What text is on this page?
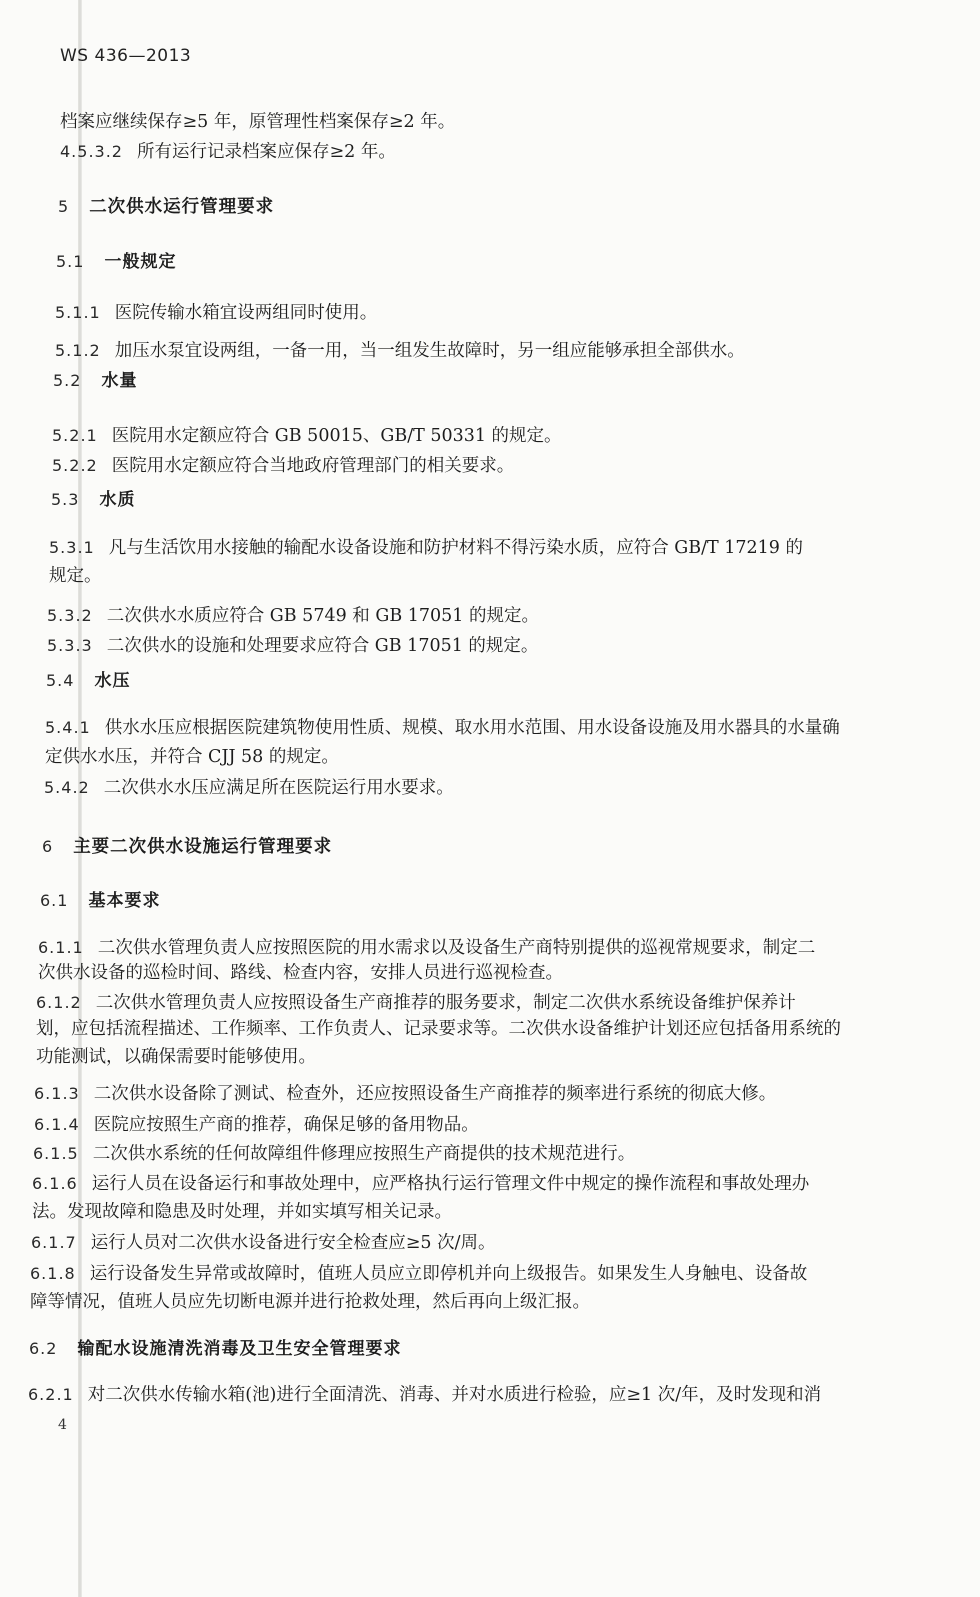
WS 436—2013
档案应继续保存≥5 年，原管理性档案保存≥2 年。
4.5.3.2 所有运行记录档案应保存≥2 年。
5 二次供水运行管理要求
5.1 一般规定
5.1.1 医院传输水箱宜设两组同时使用。
5.1.2 加压水泵宜设两组，一备一用，当一组发生故障时，另一组应能够承担全部供水。
5.2 水量
5.2.1 医院用水定额应符合 GB 50015、GB/T 50331 的规定。
5.2.2 医院用水定额应符合当地政府管理部门的相关要求。
5.3 水质
5.3.1 凡与生活饮用水接触的输配水设备设施和防护材料不得污染水质，应符合 GB/T 17219 的
规定。
5.3.2 二次供水水质应符合 GB 5749 和 GB 17051 的规定。
5.3.3 二次供水的设施和处理要求应符合 GB 17051 的规定。
5.4 水压
5.4.1 供水水压应根据医院建筑物使用性质、规模、取水用水范围、用水设备设施及用水器具的水量确
定供水水压，并符合 CJJ 58 的规定。
5.4.2 二次供水水压应满足所在医院运行用水要求。
6 主要二次供水设施运行管理要求
6.1 基本要求
6.1.1 二次供水管理负责人应按照医院的用水需求以及设备生产商特别提供的巡视常规要求，制定二
次供水设备的巡检时间、路线、检查内容，安排人员进行巡视检查。
6.1.2 二次供水管理负责人应按照设备生产商推荐的服务要求，制定二次供水系统设备维护保养计
划，应包括流程描述、工作频率、工作负责人、记录要求等。二次供水设备维护计划还应包括备用系统的
功能测试，以确保需要时能够使用。
6.1.3 二次供水设备除了测试、检查外，还应按照设备生产商推荐的频率进行系统的彻底大修。
6.1.4 医院应按照生产商的推荐，确保足够的备用物品。
6.1.5 二次供水系统的任何故障组件修理应按照生产商提供的技术规范进行。
6.1.6 运行人员在设备运行和事故处理中，应严格执行运行管理文件中规定的操作流程和事故处理办
法。发现故障和隐患及时处理，并如实填写相关记录。
6.1.7 运行人员对二次供水设备进行安全检查应≥5 次/周。
6.1.8 运行设备发生异常或故障时，值班人员应立即停机并向上级报告。如果发生人身触电、设备故
障等情况，值班人员应先切断电源并进行抢救处理，然后再向上级汇报。
6.2 输配水设施清洗消毒及卫生安全管理要求
6.2.1 对二次供水传输水箱(池)进行全面清洗、消毒、并对水质进行检验，应≥1 次/年，及时发现和消
4
